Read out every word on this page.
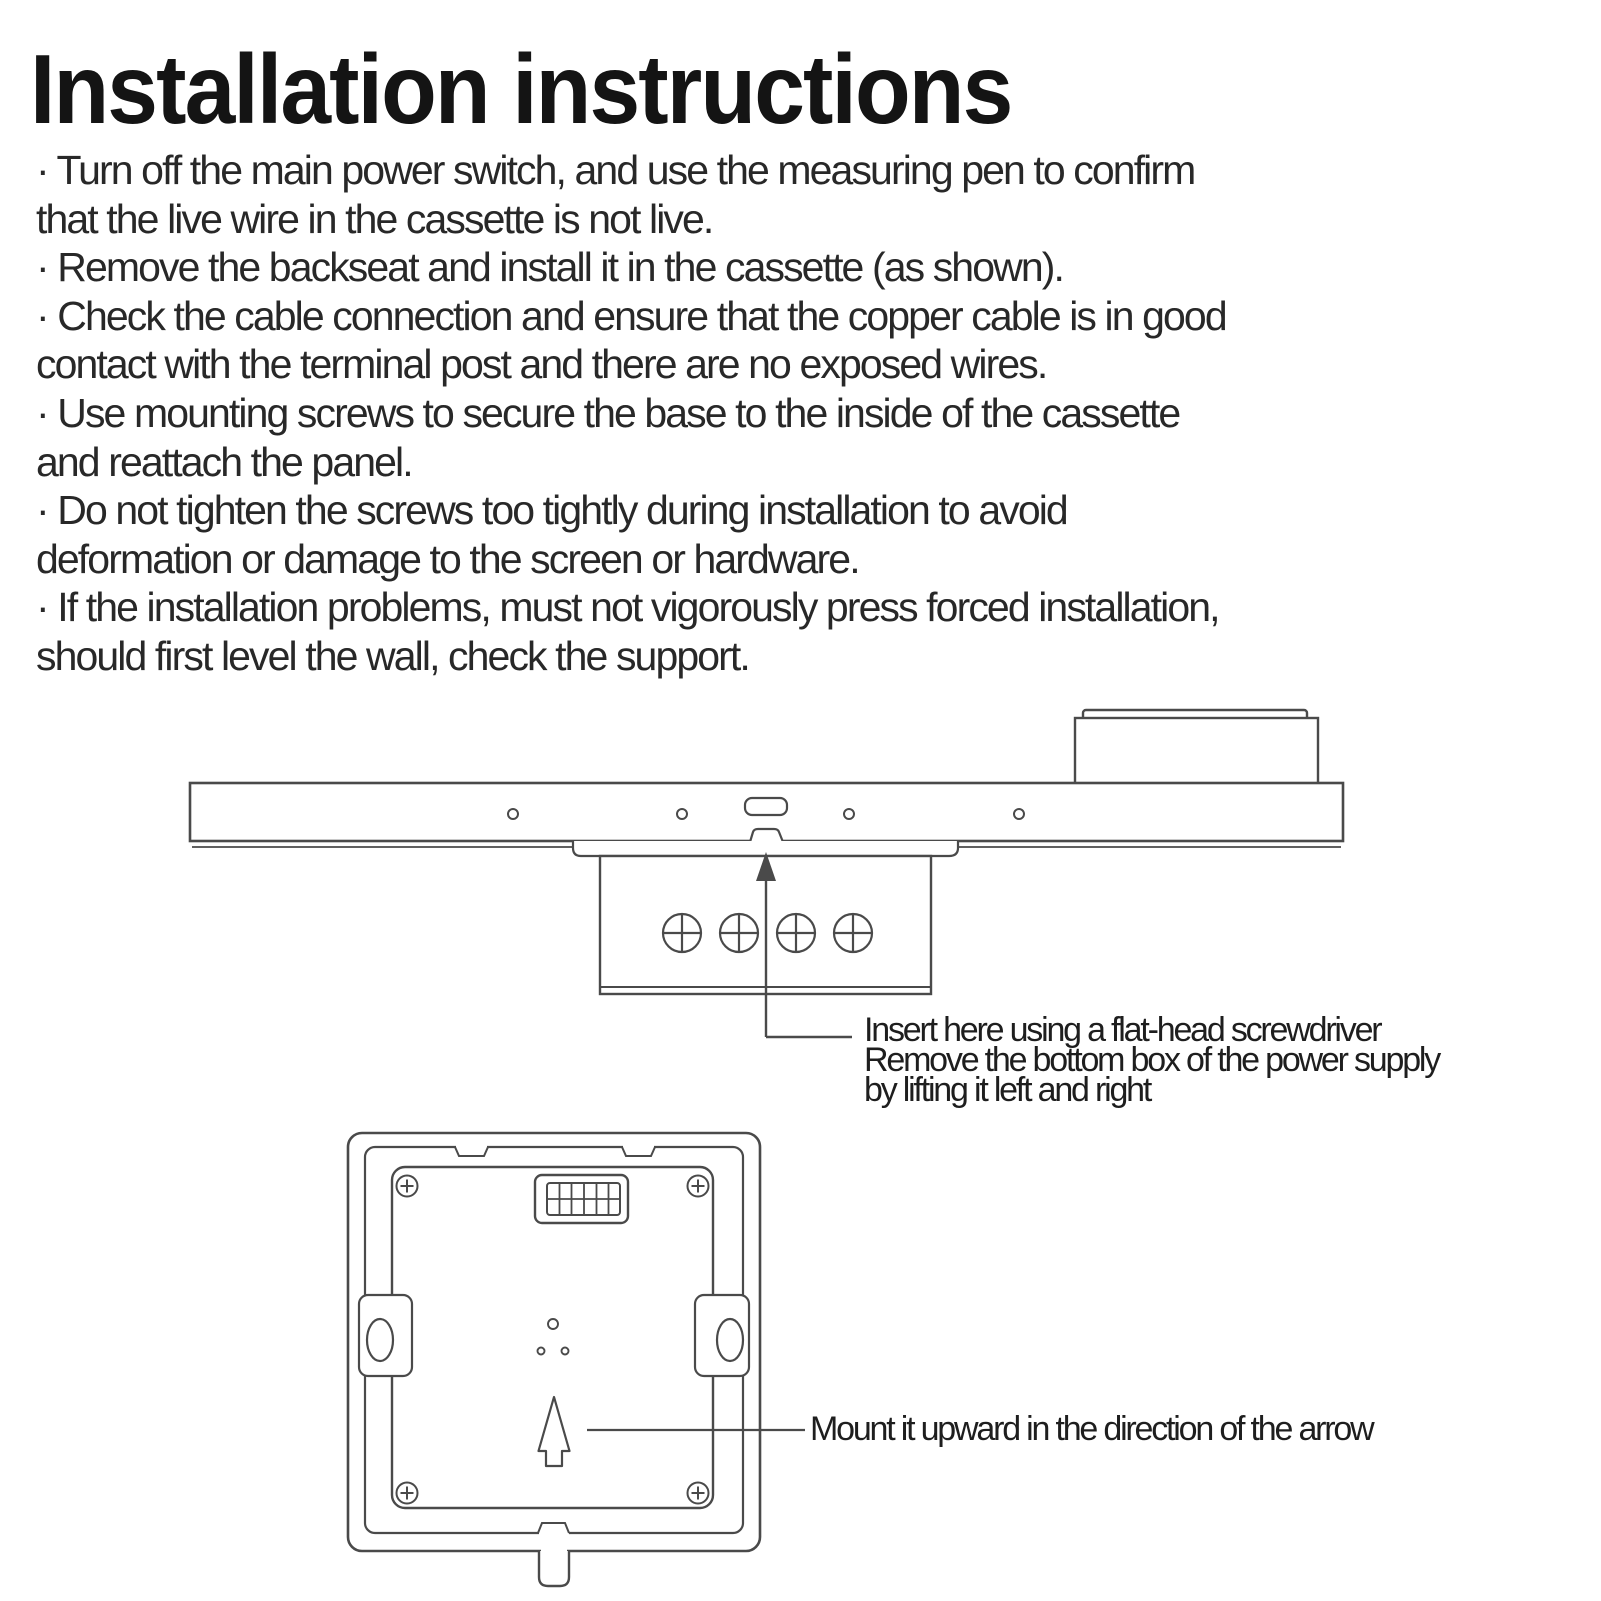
Installation instructions
· Turn off the main power switch, and use the measuring pen to confirm
that the live wire in the cassette is not live.
· Remove the backseat and install it in the cassette (as shown).
· Check the cable connection and ensure that the copper cable is in good
contact with the terminal post and there are no exposed wires.
· Use mounting screws to secure the base to the inside of the cassette
and reattach the panel.
· Do not tighten the screws too tightly during installation to avoid
deformation or damage to the screen or hardware.
· If the installation problems, must not vigorously press forced installation,
should first level the wall, check the support.
Insert here using a flat-head screwdriver
Remove the bottom box of the power supply
by lifting it left and right
Mount it upward in the direction of the arrow
